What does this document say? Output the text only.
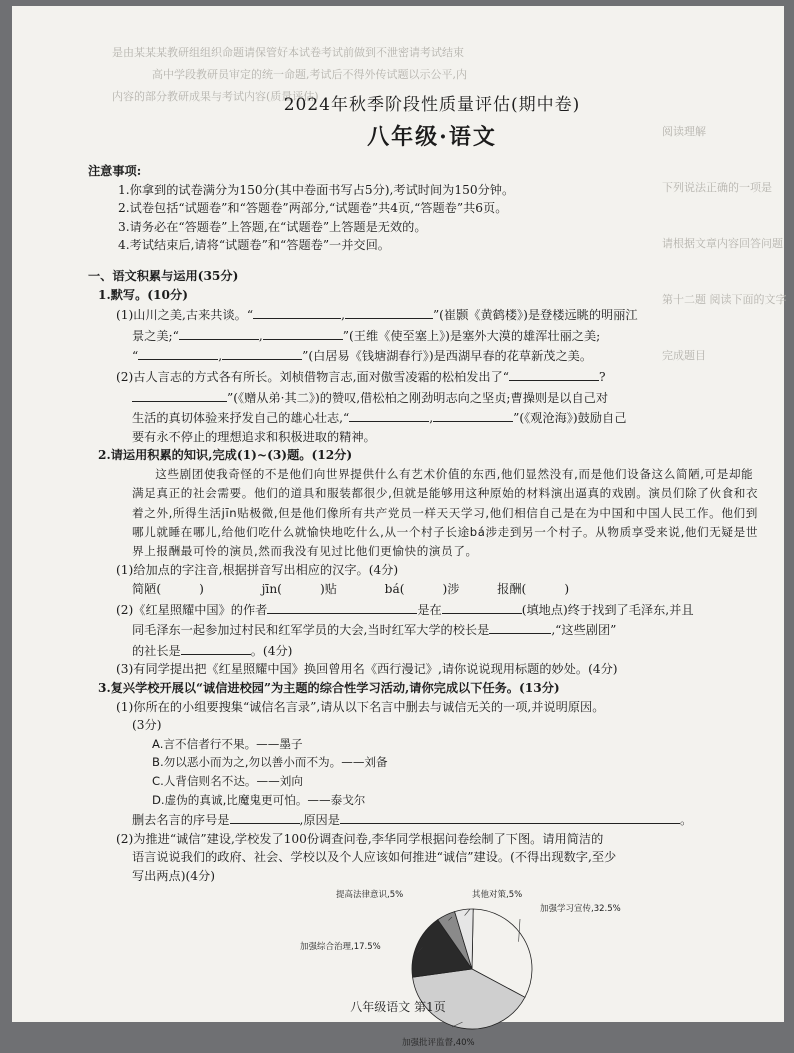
是由某某某教研组组织命题请保管好本试卷考试前做到不泄密请考试结束
高中学段教研员审定的统一命题,考试后不得外传试题以示公平,内
内容的部分教研成果与考试内容(质量评估)
阅读理解
下列说法正确的一项是
请根据文章内容回答问题
第十二题 阅读下面的文字
完成题目
2024年秋季阶段性质量评估(期中卷)
八年级·语文
注意事项:
1.你拿到的试卷满分为150分(其中卷面书写占5分),考试时间为150分钟。
2.试卷包括“试题卷”和“答题卷”两部分,“试题卷”共4页,“答题卷”共6页。
3.请务必在“答题卷”上答题,在“试题卷”上答题是无效的。
4.考试结束后,请将“试题卷”和“答题卷”一并交回。
一、语文积累与运用(35分)
1.默写。(10分)
(1)山川之美,古来共谈。“	,	”(崔颢《黄鹤楼》)是登楼远眺的明丽江
景之美;“	,	”(王维《使至塞上》)是塞外大漠的雄浑壮丽之美;
“	,	”(白居易《钱塘湖春行》)是西湖早春的花草新茂之美。
(2)古人言志的方式各有所长。刘桢借物言志,面对傲雪凌霜的松柏发出了“	?
”(《赠从弟·其二》)的赞叹,借松柏之刚劲明志向之坚贞;曹操则是以自己对
生活的真切体验来抒发自己的雄心壮志,“	,	”(《观沧海》)鼓励自己
要有永不停止的理想追求和积极进取的精神。
2.请运用积累的知识,完成(1)~(3)题。(12分)
这些剧团使我奇怪的不是他们向世界提供什么有艺术价值的东西,他们显然没有,而是他们设备这么简陋,可是却能满足真正的社会需要。他们的道具和服装都很少,但就是能够用这种原始的材料演出逼真的戏剧。演员们除了伙食和衣着之外,所得生活jīn贴极微,但是他们像所有共产党员一样天天学习,他们相信自己是在为中国和中国人民工作。他们到哪儿就睡在哪儿,给他们吃什么就愉快地吃什么,从一个村子长途bá涉走到另一个村子。从物质享受来说,他们无疑是世界上报酬最可怜的演员,然而我没有见过比他们更愉快的演员了。
(1)给加点的字注音,根据拼音写出相应的汉字。(4分)
简陋(	)	jīn(	)贴	bá(	)涉	报酬(	)
(2)《红星照耀中国》的作者	是在	(填地点)终于找到了毛泽东,并且
同毛泽东一起参加过村民和红军学员的大会,当时红军大学的校长是	,“这些剧团”
的社长是	。(4分)
(3)有同学提出把《红星照耀中国》换回曾用名《西行漫记》,请你说说现用标题的妙处。(4分)
3.复兴学校开展以“诚信进校园”为主题的综合性学习活动,请你完成以下任务。(13分)
(1)你所在的小组要搜集“诚信名言录”,请从以下名言中删去与诚信无关的一项,并说明原因。
(3分)
A.言不信者行不果。——墨子
B.勿以恶小而为之,勿以善小而不为。——刘备
C.人背信则名不达。——刘向
D.虚伪的真诚,比魔鬼更可怕。——泰戈尔
删去名言的序号是	,原因是	。
(2)为推进“诚信”建设,学校发了100份调查问卷,李华同学根据问卷绘制了下图。请用简洁的
语言说说我们的政府、社会、学校以及个人应该如何推进“诚信”建设。(不得出现数字,至少
写出两点)(4分)
加强学习宣传,32.5%
加强批评监督,40%
加强综合治理,17.5%
提高法律意识,5%	其他对策,5%
八年级语文 第1页
